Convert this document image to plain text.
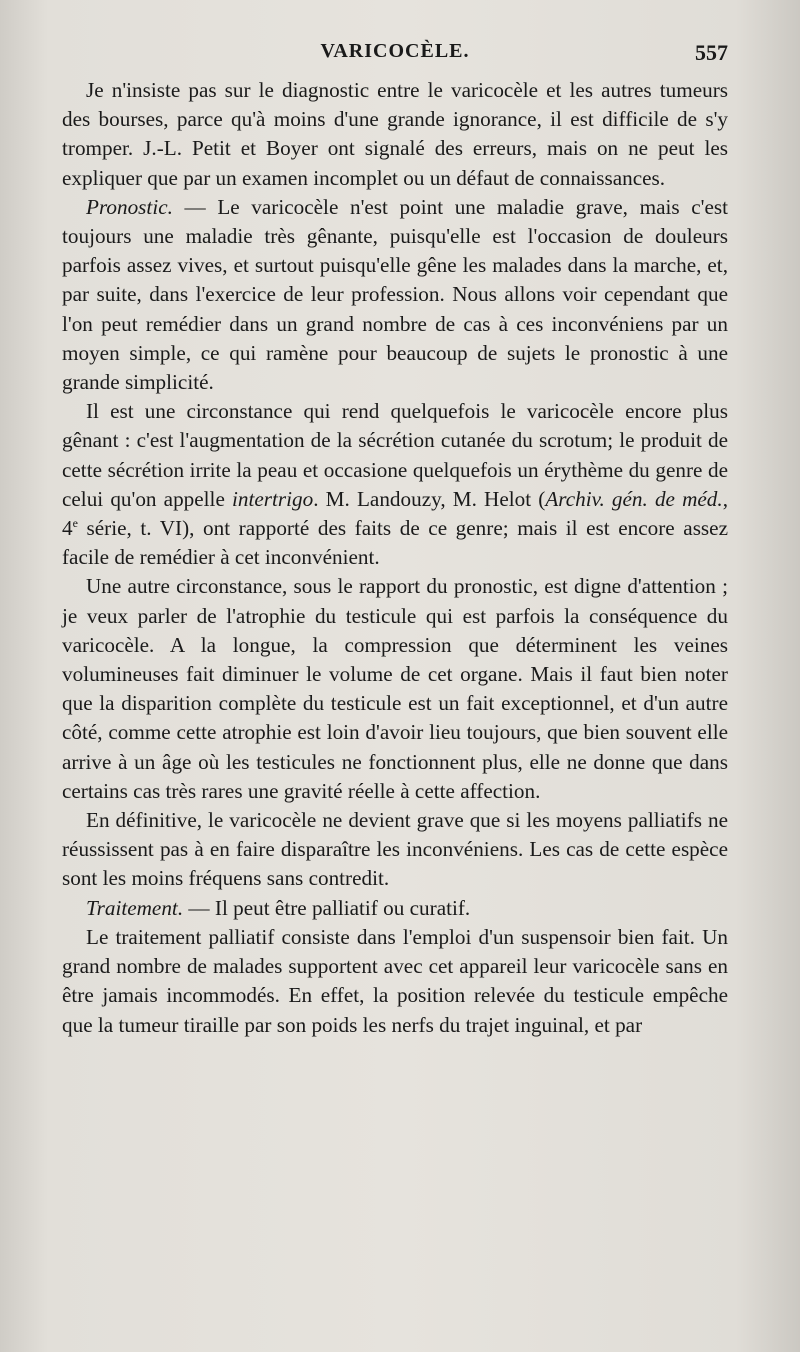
VARICOCÈLE.	557

Je n'insiste pas sur le diagnostic entre le varicocèle et les autres tumeurs des bourses, parce qu'à moins d'une grande ignorance, il est difficile de s'y tromper. J.-L. Petit et Boyer ont signalé des erreurs, mais on ne peut les expliquer que par un examen incomplet ou un défaut de connaissances.

Pronostic. — Le varicocèle n'est point une maladie grave, mais c'est toujours une maladie très gênante, puisqu'elle est l'occasion de douleurs parfois assez vives, et surtout puisqu'elle gêne les malades dans la marche, et, par suite, dans l'exercice de leur profession. Nous allons voir cependant que l'on peut remédier dans un grand nombre de cas à ces inconvéniens par un moyen simple, ce qui ramène pour beaucoup de sujets le pronostic à une grande simplicité.

Il est une circonstance qui rend quelquefois le varicocèle encore plus gênant : c'est l'augmentation de la sécrétion cutanée du scrotum; le produit de cette sécrétion irrite la peau et occasione quelquefois un érythème du genre de celui qu'on appelle intertrigo. M. Landouzy, M. Helot (Archiv. gén. de méd., 4e série, t. VI), ont rapporté des faits de ce genre; mais il est encore assez facile de remédier à cet inconvénient.

Une autre circonstance, sous le rapport du pronostic, est digne d'attention ; je veux parler de l'atrophie du testicule qui est parfois la conséquence du varicocèle. A la longue, la compression que déterminent les veines volumineuses fait diminuer le volume de cet organe. Mais il faut bien noter que la disparition complète du testicule est un fait exceptionnel, et d'un autre côté, comme cette atrophie est loin d'avoir lieu toujours, que bien souvent elle arrive à un âge où les testicules ne fonctionnent plus, elle ne donne que dans certains cas très rares une gravité réelle à cette affection.

En définitive, le varicocèle ne devient grave que si les moyens palliatifs ne réussissent pas à en faire disparaître les inconvéniens. Les cas de cette espèce sont les moins fréquens sans contredit.

Traitement. — Il peut être palliatif ou curatif.

Le traitement palliatif consiste dans l'emploi d'un suspensoir bien fait. Un grand nombre de malades supportent avec cet appareil leur varicocèle sans en être jamais incommodés. En effet, la position relevée du testicule empêche que la tumeur tiraille par son poids les nerfs du trajet inguinal, et par
